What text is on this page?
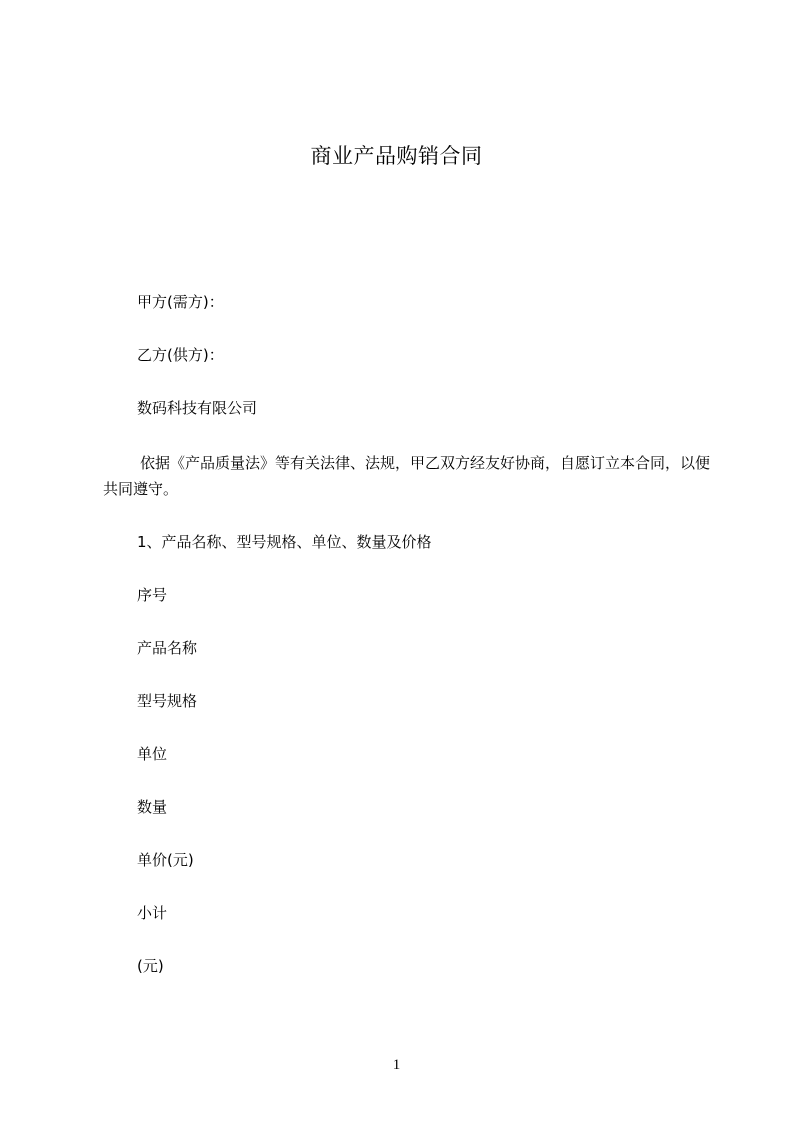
商业产品购销合同
甲方(需方)：
乙方(供方)：
数码科技有限公司
依据《产品质量法》等有关法律、法规，甲乙双方经友好协商，自愿订立本合同，以便共同遵守。
1、产品名称、型号规格、单位、数量及价格
序号
产品名称
型号规格
单位
数量
单价(元)
小计
(元)
1
